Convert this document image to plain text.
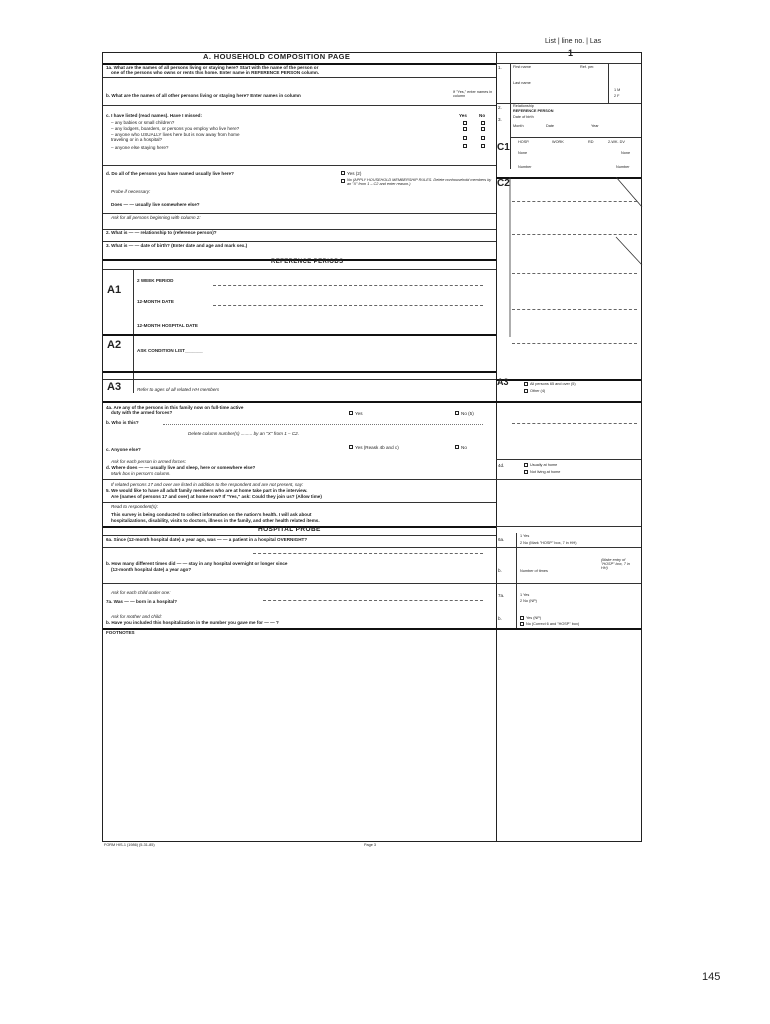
List | line no. | Las
A. HOUSEHOLD COMPOSITION PAGE
1a. What are the names of all persons living or staying here? Start with the name of the person or
one of the persons who owns or rents this home. Enter name in REFERENCE PERSON column.
b. What are the names of all other persons living or staying here? Enter names in column
If "Yes," enter names in column
c. I have listed (read names). Have I missed:	Yes	No
– any babies or small children?
– any lodgers, boarders, or persons you employ who live here?
– anyone who USUALLY lives here but is now away from home
traveling or in a hospital?
– anyone else staying here?
d. Do all of the persons you have named usually live here?	Yes (2)
No (APPLY HOUSEHOLD MEMBERSHIP RULES. Delete nonhousehold members by an "X" from 1 – C2 and enter reason.)
Probe if necessary:
Does — — usually live somewhere else?
Ask for all persons beginning with column 2:
2. What is — — relationship to (reference person)?
3. What is — — date of birth? (Enter date and age and mark sex.)
REFERENCE PERIODS
A1
2 WEEK PERIOD
12-MONTH DATE
12-MONTH HOSPITAL DATE
A2	ASK CONDITION LIST_______
A3	Refer to ages of all related HH members
4a. Are any of the persons in this family now on full-time active
duty with the armed forces?	Yes	No (5)
b. Who is this?
Delete column number(s) ......... by an "X" from 1 – C2.
c. Anyone else?	Yes (Reask 4b and c)	No
Ask for each person in armed forces:
d. Where does — — usually live and sleep, here or somewhere else?
Mark box in person's column.
If related persons 17 and over are listed in addition to the respondent and are not present, say:
5. We would like to have all adult family members who are at home take part in the interview.
Are (names of persons 17 and over) at home now? If "Yes," ask: Could they join us? (Allow time)
Read to respondent(s):
This survey is being conducted to collect information on the nation's health. I will ask about
hospitalizations, disability, visits to doctors, illness in the family, and other health related items.
HOSPITAL PROBE
6a. Since (12-month hospital date) a year ago, was — — a patient in a hospital OVERNIGHT?
b. How many different times did — — stay in any hospital overnight or longer since
(12-month hospital date) a year ago?
Ask for each child under one:
7a. Was — — born in a hospital?
Ask for mother and child:
b. Have you included this hospitalization in the number you gave me for — — ?
FOOTNOTES
1
1.	First name	Ref. per.
Last name
1 M
2 F
2.	Relationship
REFERENCE PERSON
3.	Date of birth
Month	Date	Year
C1 HOSP.	WORK	RD	2-WK. DV
None	None
Number	Number
C2
A3	All persons 65 and over (5)
Other (4)
4d.	Usually at home
Not living at home
6a.
1 Yes
2 No (Mark "HOSP" box, 7 in HH)
b.	Number of times
(Make entry of "HOSP" box, 7 in HH)
7a.	1 Yes
2 No (NP)
b.	Yes (NP)
No (Correct 6 and "HOSP" box)
FORM HIS-1 (1986) (5-31-85)	Page 3
145
